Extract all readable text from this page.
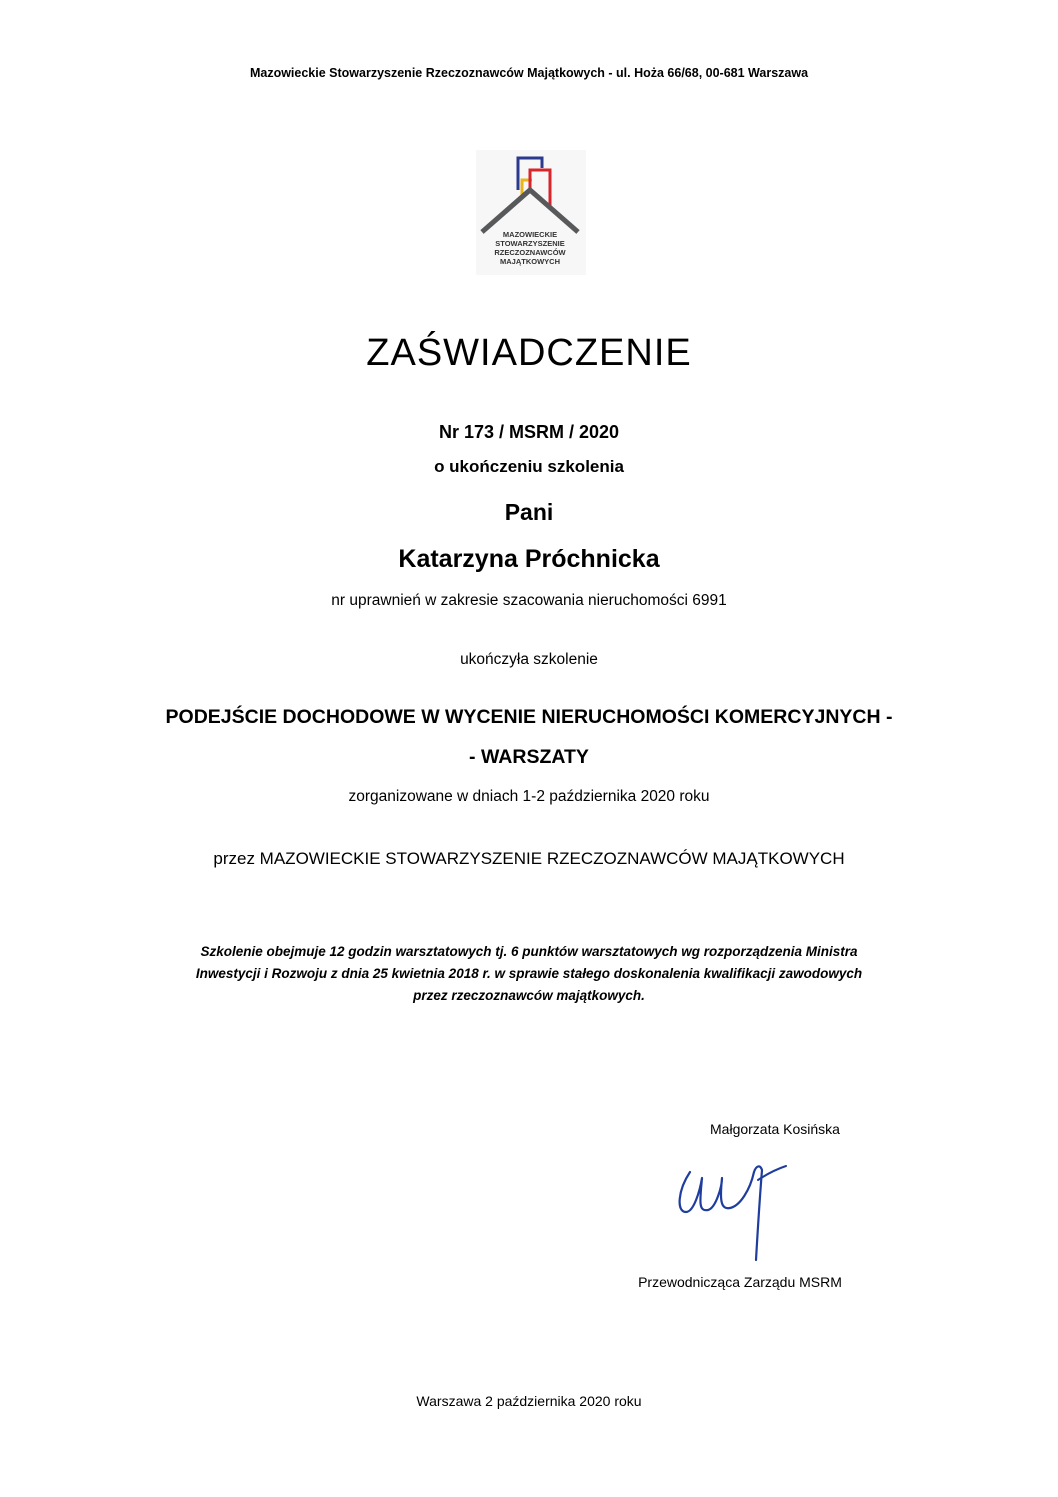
Mazowieckie Stowarzyszenie Rzeczoznawców Majątkowych - ul. Hoża 66/68, 00-681 Warszawa
MAZOWIECKIE
STOWARZYSZENIE
RZECZOZNAWCÓW
MAJĄTKOWYCH
ZAŚWIADCZENIE
Nr 173 / MSRM / 2020
o ukończeniu szkolenia
Pani
Katarzyna Próchnicka
nr uprawnień w zakresie szacowania nieruchomości 6991
ukończyła szkolenie
PODEJŚCIE DOCHODOWE W WYCENIE NIERUCHOMOŚCI KOMERCYJNYCH -
- WARSZATY
zorganizowane w dniach 1-2 października 2020 roku
przez MAZOWIECKIE STOWARZYSZENIE RZECZOZNAWCÓW MAJĄTKOWYCH
Szkolenie obejmuje 12 godzin warsztatowych tj. 6 punktów warsztatowych wg rozporządzenia Ministra
Inwestycji i Rozwoju z dnia 25 kwietnia 2018 r. w sprawie stałego doskonalenia kwalifikacji zawodowych
przez rzeczoznawców majątkowych.
Małgorzata Kosińska
Przewodnicząca Zarządu MSRM
Warszawa 2 października 2020 roku
